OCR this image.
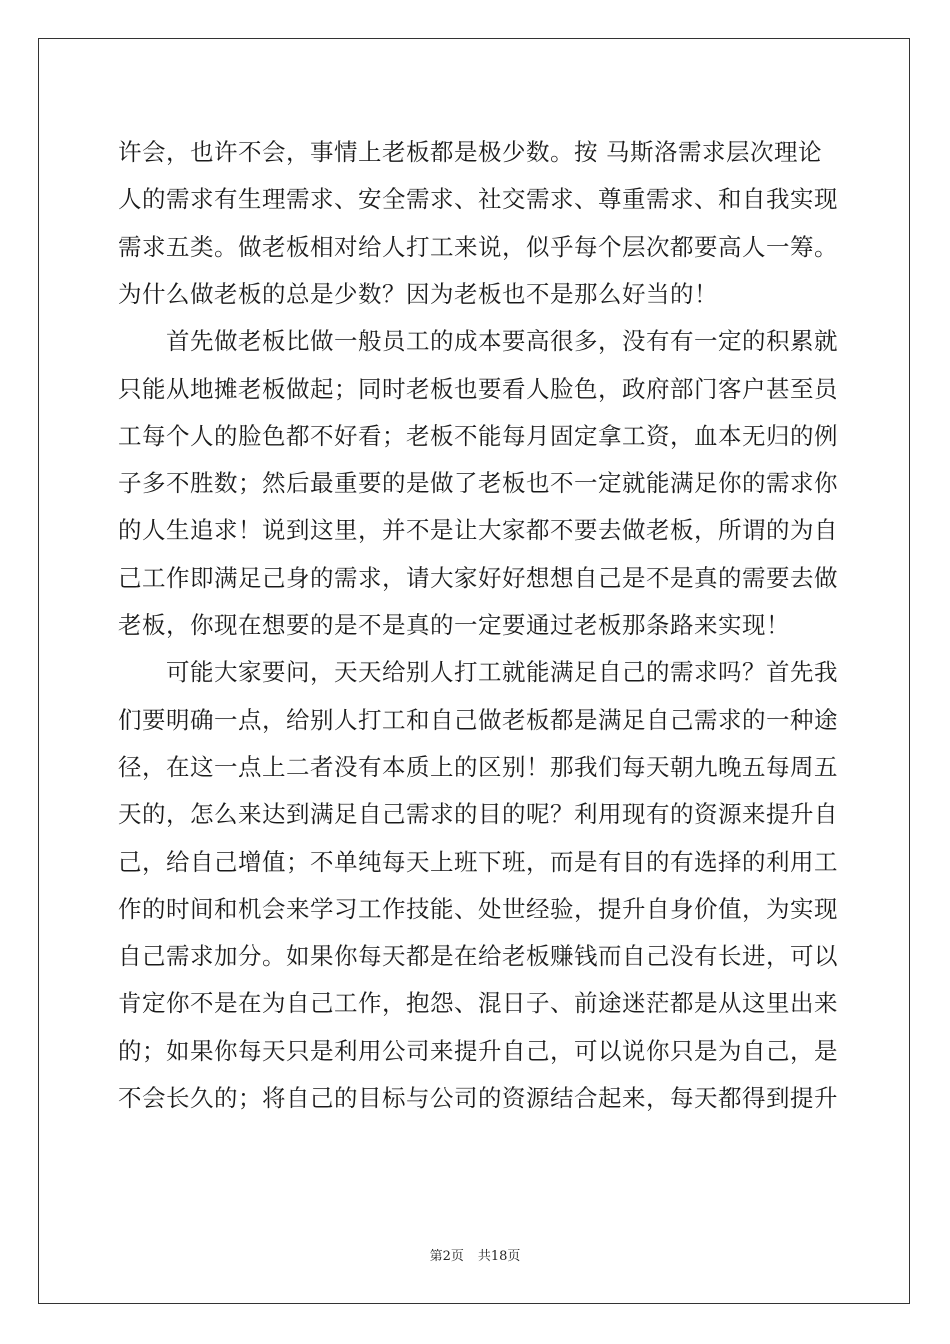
许会，也许不会，事情上老板都是极少数。按 马斯洛需求层次理论
人的需求有生理需求、安全需求、社交需求、尊重需求、和自我实现
需求五类。做老板相对给人打工来说，似乎每个层次都要高人一筹。
为什么做老板的总是少数？因为老板也不是那么好当的！
　　首先做老板比做一般员工的成本要高很多，没有有一定的积累就
只能从地摊老板做起；同时老板也要看人脸色，政府部门客户甚至员
工每个人的脸色都不好看；老板不能每月固定拿工资，血本无归的例
子多不胜数；然后最重要的是做了老板也不一定就能满足你的需求你
的人生追求！说到这里，并不是让大家都不要去做老板，所谓的为自
己工作即满足己身的需求，请大家好好想想自己是不是真的需要去做
老板，你现在想要的是不是真的一定要通过老板那条路来实现！
　　可能大家要问，天天给别人打工就能满足自己的需求吗？首先我
们要明确一点，给别人打工和自己做老板都是满足自己需求的一种途
径，在这一点上二者没有本质上的区别！那我们每天朝九晚五每周五
天的，怎么来达到满足自己需求的目的呢？利用现有的资源来提升自
己，给自己增值；不单纯每天上班下班，而是有目的有选择的利用工
作的时间和机会来学习工作技能、处世经验，提升自身价值，为实现
自己需求加分。如果你每天都是在给老板赚钱而自己没有长进，可以
肯定你不是在为自己工作，抱怨、混日子、前途迷茫都是从这里出来
的；如果你每天只是利用公司来提升自己，可以说你只是为自己，是
不会长久的；将自己的目标与公司的资源结合起来，每天都得到提升
第2页 共18页
